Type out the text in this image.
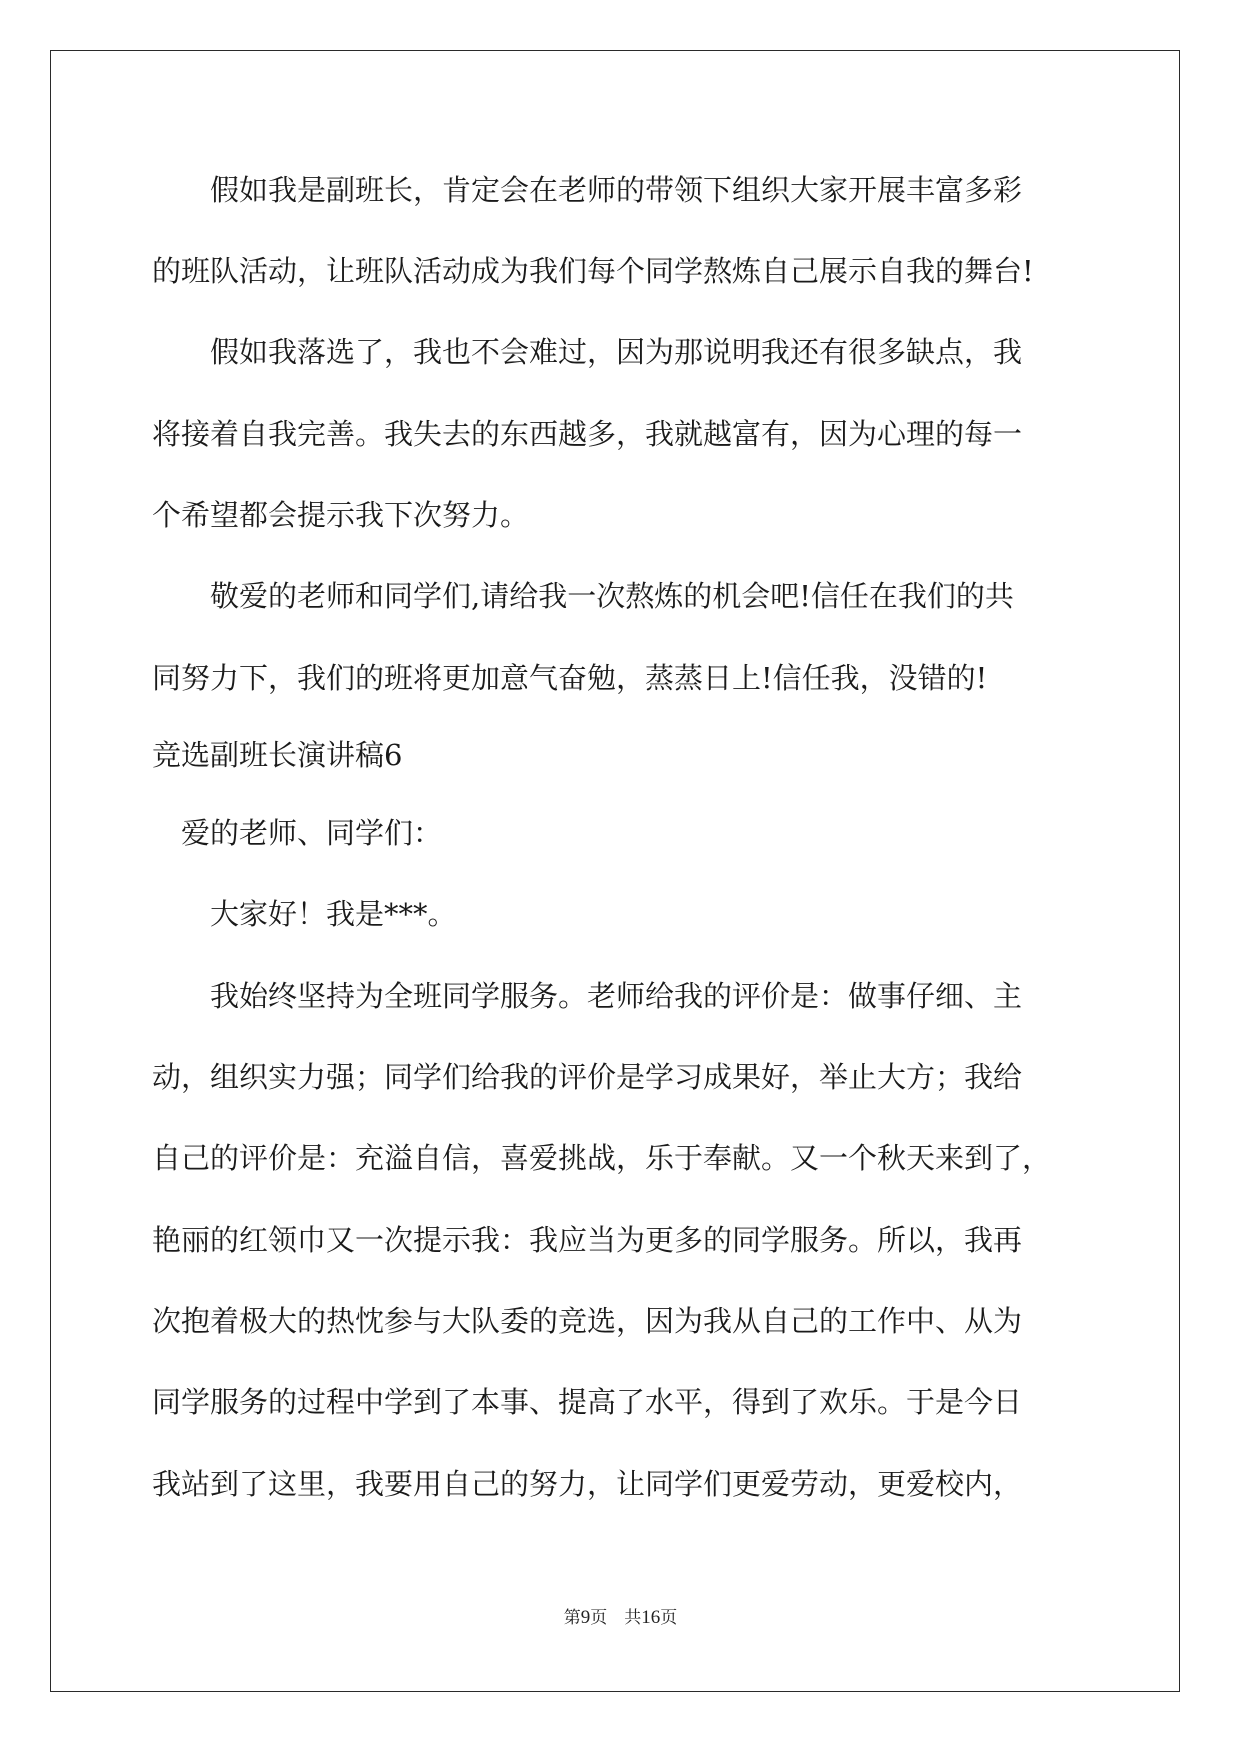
　　假如我是副班长，肯定会在老师的带领下组织大家开展丰富多彩

的班队活动，让班队活动成为我们每个同学熬炼自己展示自我的舞台!

　　假如我落选了，我也不会难过，因为那说明我还有很多缺点，我

将接着自我完善。我失去的东西越多，我就越富有，因为心理的每一

个希望都会提示我下次努力。

　　敬爱的老师和同学们,请给我一次熬炼的机会吧!信任在我们的共

同努力下，我们的班将更加意气奋勉，蒸蒸日上!信任我，没错的!

竞选副班长演讲稿6

　爱的老师、同学们：

　　大家好！我是***。

　　我始终坚持为全班同学服务。老师给我的评价是：做事仔细、主

动，组织实力强；同学们给我的评价是学习成果好，举止大方；我给

自己的评价是：充溢自信，喜爱挑战，乐于奉献。又一个秋天来到了，

艳丽的红领巾又一次提示我：我应当为更多的同学服务。所以，我再

次抱着极大的热忱参与大队委的竞选，因为我从自己的工作中、从为

同学服务的过程中学到了本事、提高了水平，得到了欢乐。于是今日

我站到了这里，我要用自己的努力，让同学们更爱劳动，更爱校内，

第9页　共16页
